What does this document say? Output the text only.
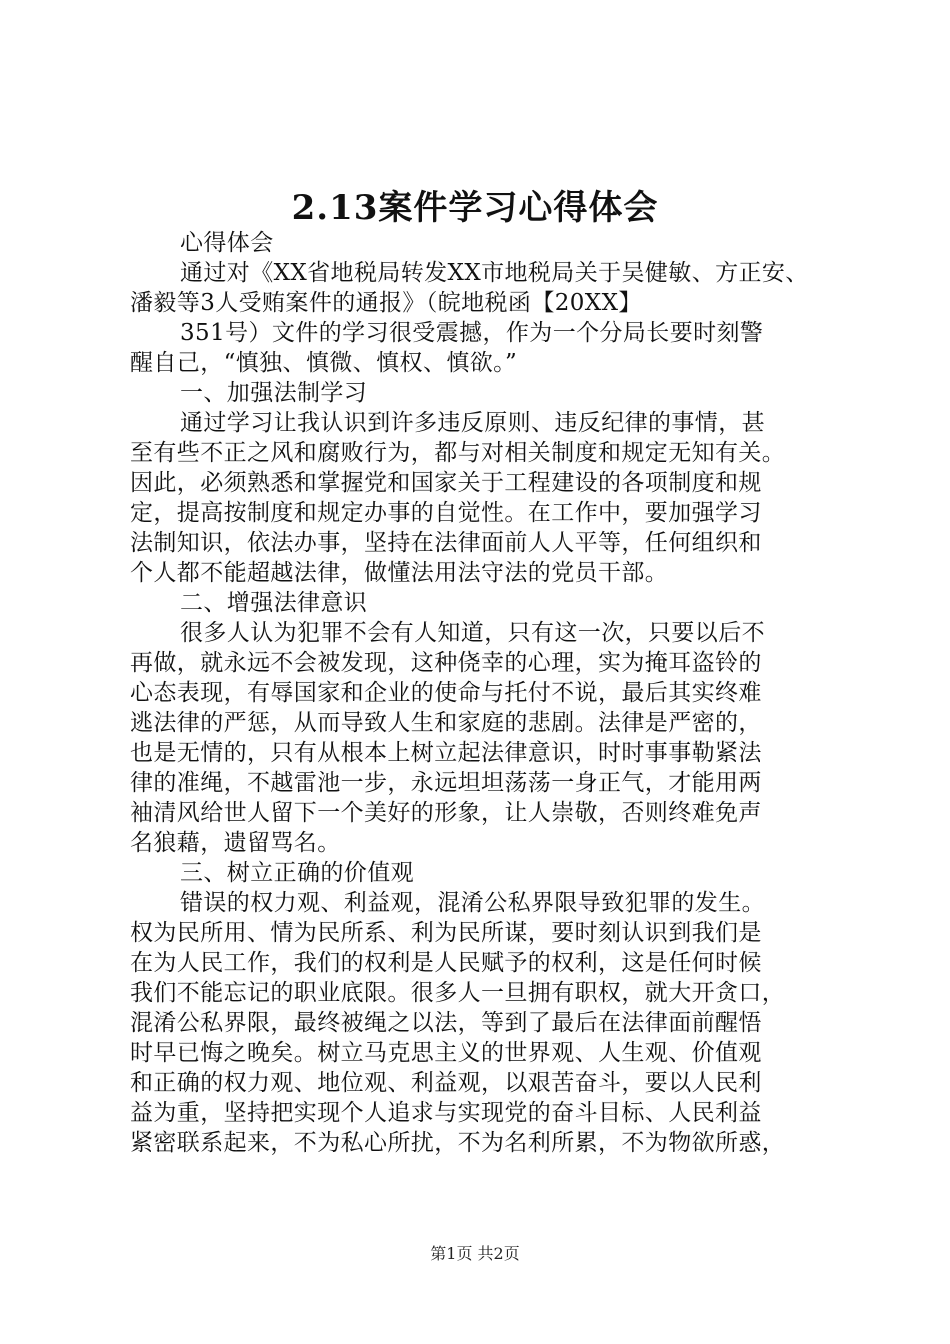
2.13案件学习心得体会
心得体会
通过对《XX省地税局转发XX市地税局关于吴健敏、方正安、
潘毅等3人受贿案件的通报》（皖地税函【20XX】
351号）文件的学习很受震撼，作为一个分局长要时刻警
醒自己，“慎独、慎微、慎权、慎欲。”
一、加强法制学习
通过学习让我认识到许多违反原则、违反纪律的事情，甚
至有些不正之风和腐败行为，都与对相关制度和规定无知有关。
因此，必须熟悉和掌握党和国家关于工程建设的各项制度和规
定，提高按制度和规定办事的自觉性。在工作中，要加强学习
法制知识，依法办事，坚持在法律面前人人平等，任何组织和
个人都不能超越法律，做懂法用法守法的党员干部。
二、增强法律意识
很多人认为犯罪不会有人知道，只有这一次，只要以后不
再做，就永远不会被发现，这种侥幸的心理，实为掩耳盗铃的
心态表现，有辱国家和企业的使命与托付不说，最后其实终难
逃法律的严惩，从而导致人生和家庭的悲剧。法律是严密的，
也是无情的，只有从根本上树立起法律意识，时时事事勒紧法
律的准绳，不越雷池一步，永远坦坦荡荡一身正气，才能用两
袖清风给世人留下一个美好的形象，让人崇敬，否则终难免声
名狼藉，遗留骂名。
三、树立正确的价值观
错误的权力观、利益观，混淆公私界限导致犯罪的发生。
权为民所用、情为民所系、利为民所谋，要时刻认识到我们是
在为人民工作，我们的权利是人民赋予的权利，这是任何时候
我们不能忘记的职业底限。很多人一旦拥有职权，就大开贪口，
混淆公私界限，最终被绳之以法，等到了最后在法律面前醒悟
时早已悔之晚矣。树立马克思主义的世界观、人生观、价值观
和正确的权力观、地位观、利益观，以艰苦奋斗，要以人民利
益为重，坚持把实现个人追求与实现党的奋斗目标、人民利益
紧密联系起来，不为私心所扰，不为名利所累，不为物欲所惑，
第1页 共2页
